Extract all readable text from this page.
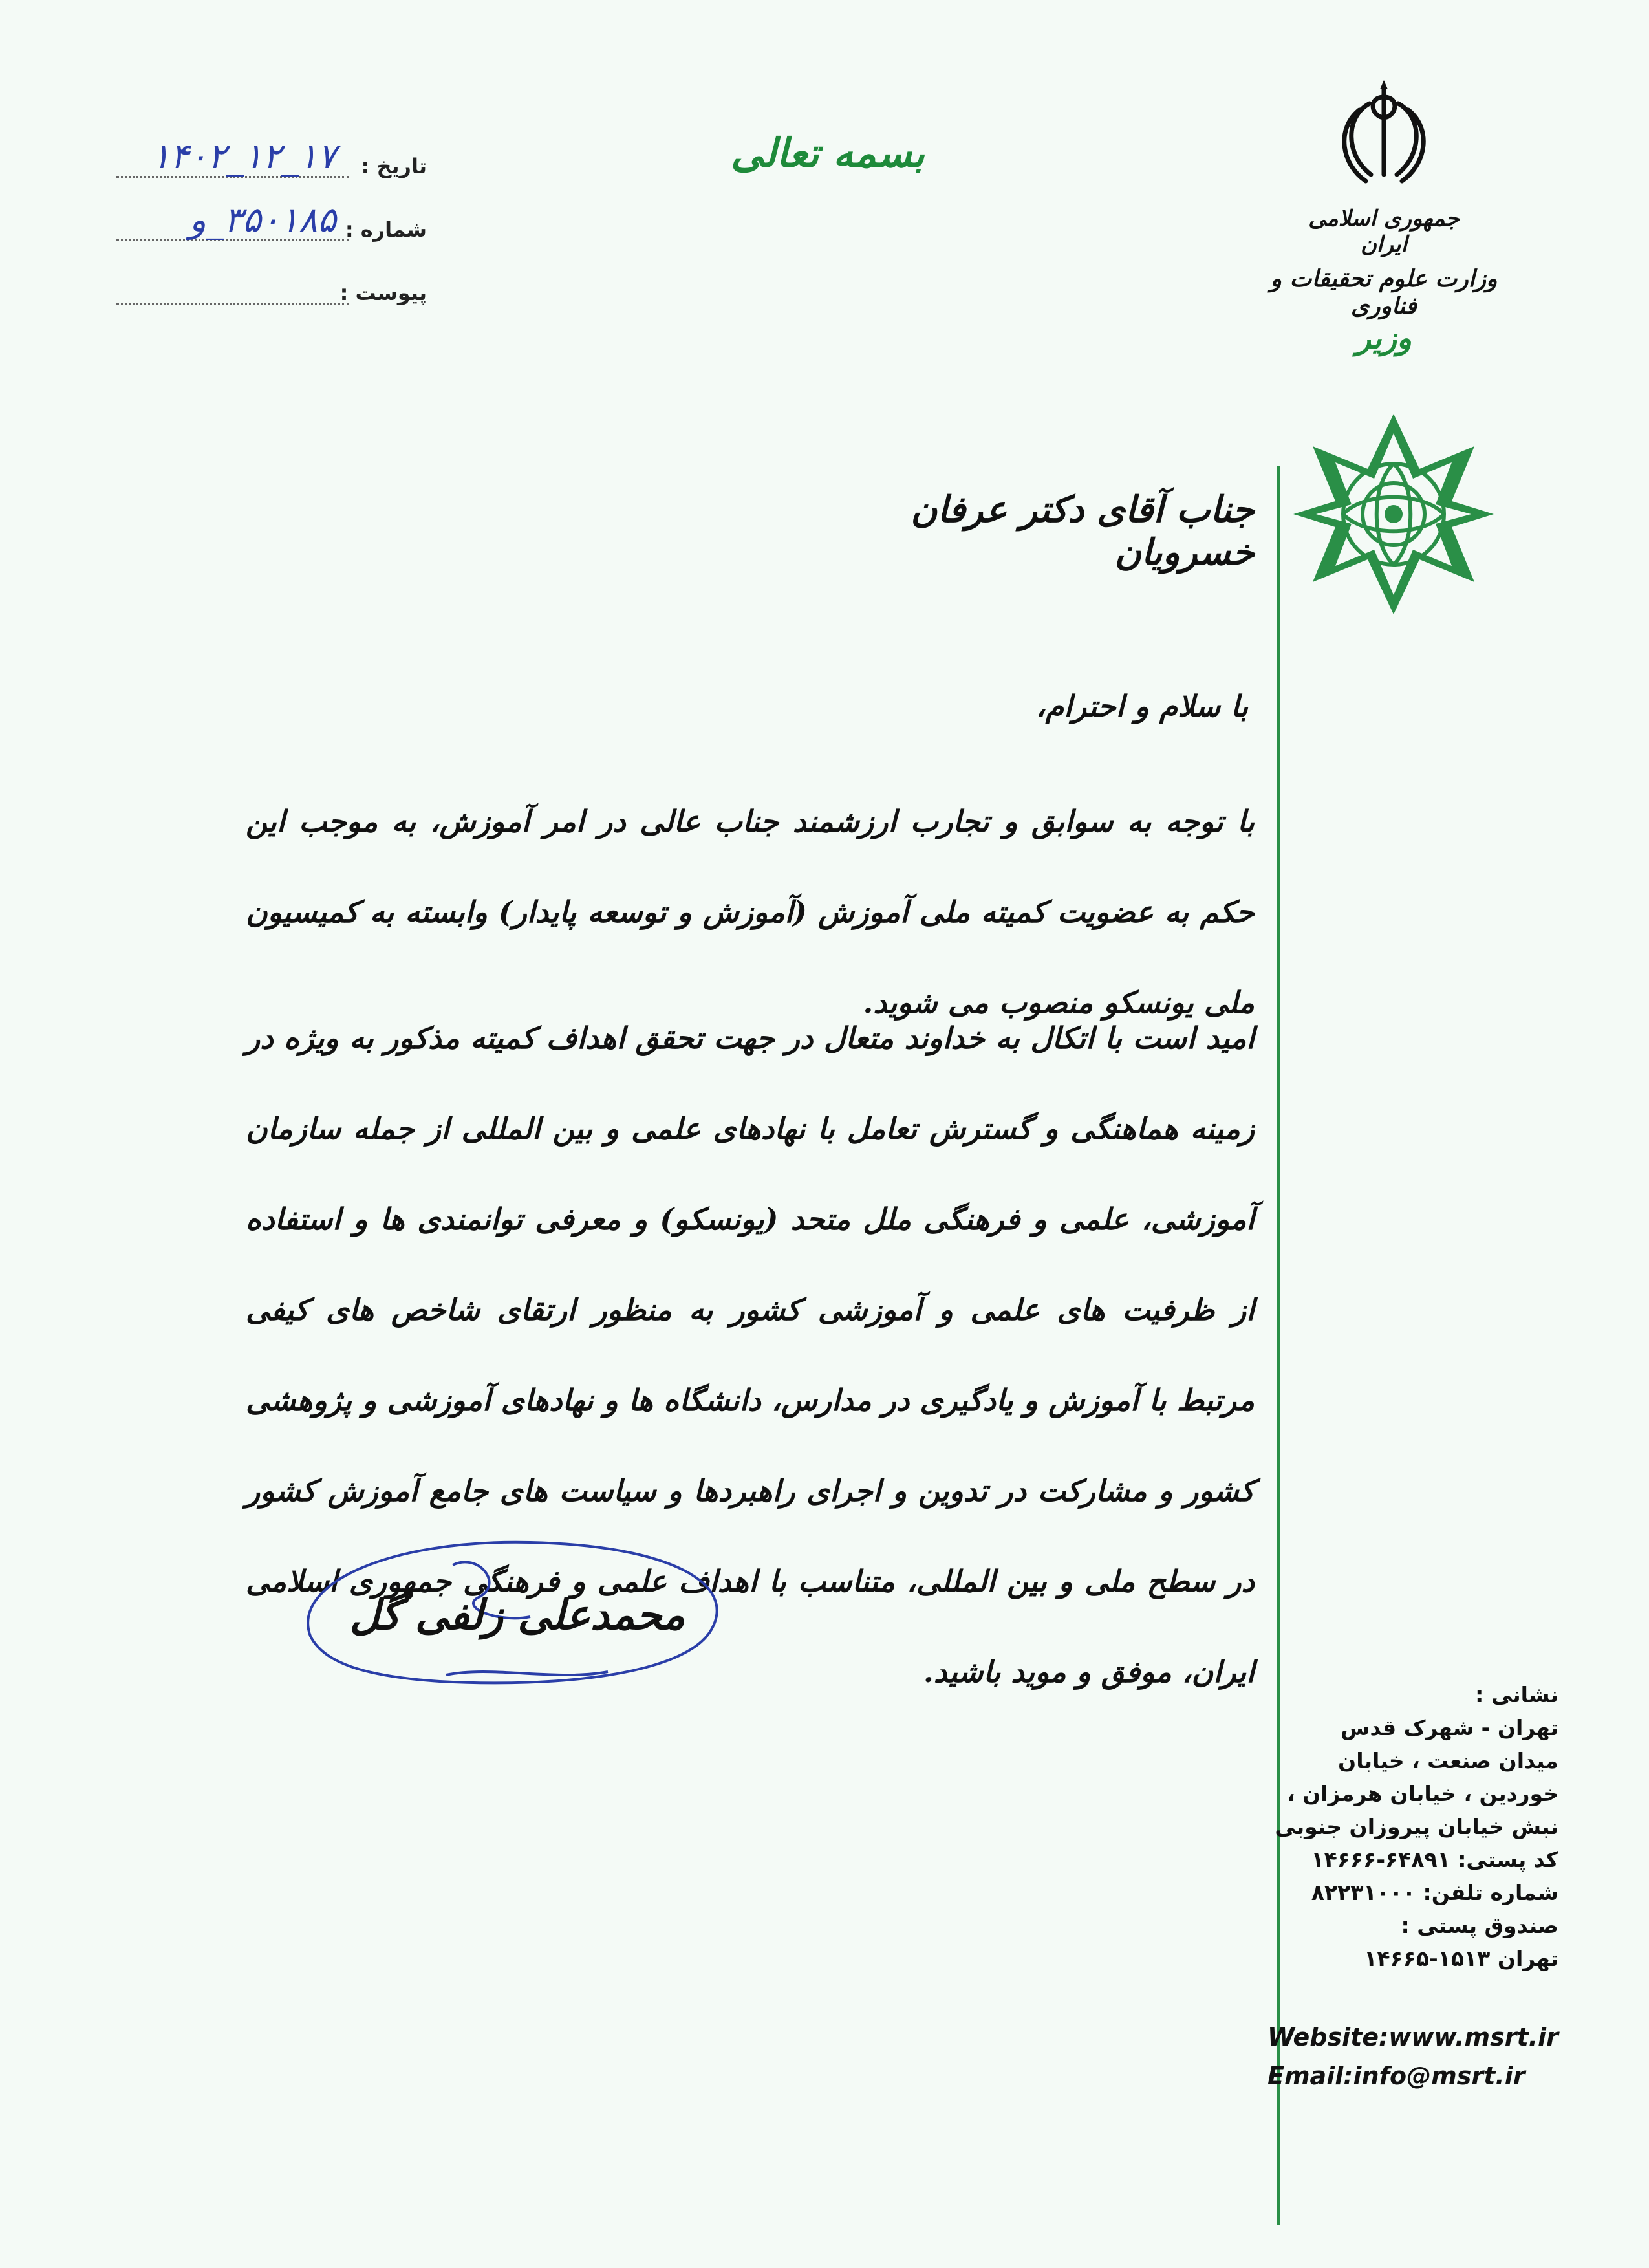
تاریخ :
۱۴۰۲_۱۲_۱۷
شماره :
۳۵۰۱۸۵_و
پیوست :
بسمه تعالی
جمهوری اسلامی ایران
وزارت علوم تحقیقات و فناوری
وزیر
جناب آقای دکتر عرفان خسرویان
با سلام و احترام،
با توجه به سوابق و تجارب ارزشمند جناب عالی در امر آموزش، به موجب این حکم به عضویت کمیته ملی آموزش (آموزش و توسعه پایدار) وابسته به کمیسیون ملی یونسکو منصوب می شوید.
امید است با اتکال به خداوند متعال در جهت تحقق اهداف کمیته مذکور به ویژه در زمینه هماهنگی و گسترش تعامل با نهادهای علمی و بین المللی از جمله سازمان آموزشی، علمی و فرهنگی ملل متحد (یونسکو) و معرفی توانمندی ها و استفاده از ظرفیت های علمی و آموزشی کشور به منظور ارتقای شاخص های کیفی مرتبط با آموزش و یادگیری در مدارس، دانشگاه ها و نهادهای آموزشی و پژوهشی کشور و مشارکت در تدوین و اجرای راهبردها و سیاست های جامع آموزش کشور در سطح ملی و بین المللی، متناسب با اهداف علمی و فرهنگی جمهوری اسلامی ایران، موفق و موید باشید.
محمدعلی زلفی گل
نشانی :
تهران - شهرک قدس
میدان صنعت ، خیابان
خوردین ، خیابان هرمزان ،
نبش خیابان پیروزان جنوبی
کد پستی: ۶۴۸۹۱-۱۴۶۶۶
شماره تلفن: ۸۲۲۳۱۰۰۰
صندوق پستی :
تهران ۱۵۱۳-۱۴۶۶۵
Website:www.msrt.ir
Email:info@msrt.ir
